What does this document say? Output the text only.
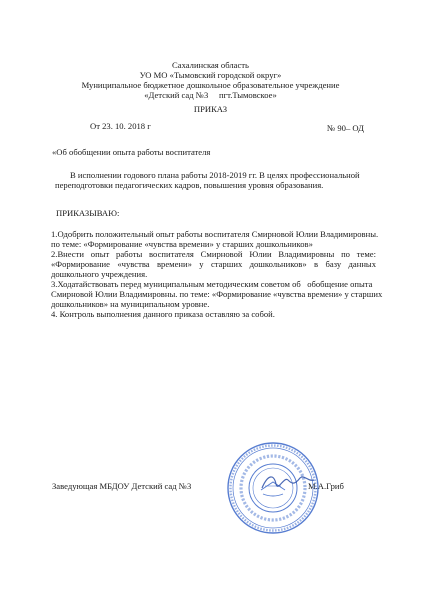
Сахалинская область
УО МО «Тымовский городской округ»
Муниципальное бюджетное дошкольное образовательное учреждение
«Детский сад №3     пгт.Тымовское»
ПРИКАЗ
От 23. 10. 2018 г	№ 90– ОД
«Об обобщении опыта работы воспитателя
В исполнении годового плана работы 2018-2019 гг. В целях профессиональной
переподготовки педагогических кадров, повышения уровня образования.
ПРИКАЗЫВАЮ:
1.Одобрить положительный опыт работы воспитателя Смирновой Юлии Владимировны.
по теме: «Формирование «чувства времени» у старших дошкольников»
2.Внести опыт работы воспитателя Смирновой Юлии Владимировны по теме:
«Формирование «чувства времени» у старших дошкольников» в базу данных
дошкольного учреждения.
3.Ходатайствовать перед муниципальным методическим советом об   обобщение опыта
Смирновой Юлии Владимировны. по теме: «Формирование «чувства времени» у старших
дошкольников» на муниципальном уровне.
4. Контроль выполнения данного приказа оставляю за собой.
Заведующая МБДОУ Детский сад №3	М.А.Гриб
